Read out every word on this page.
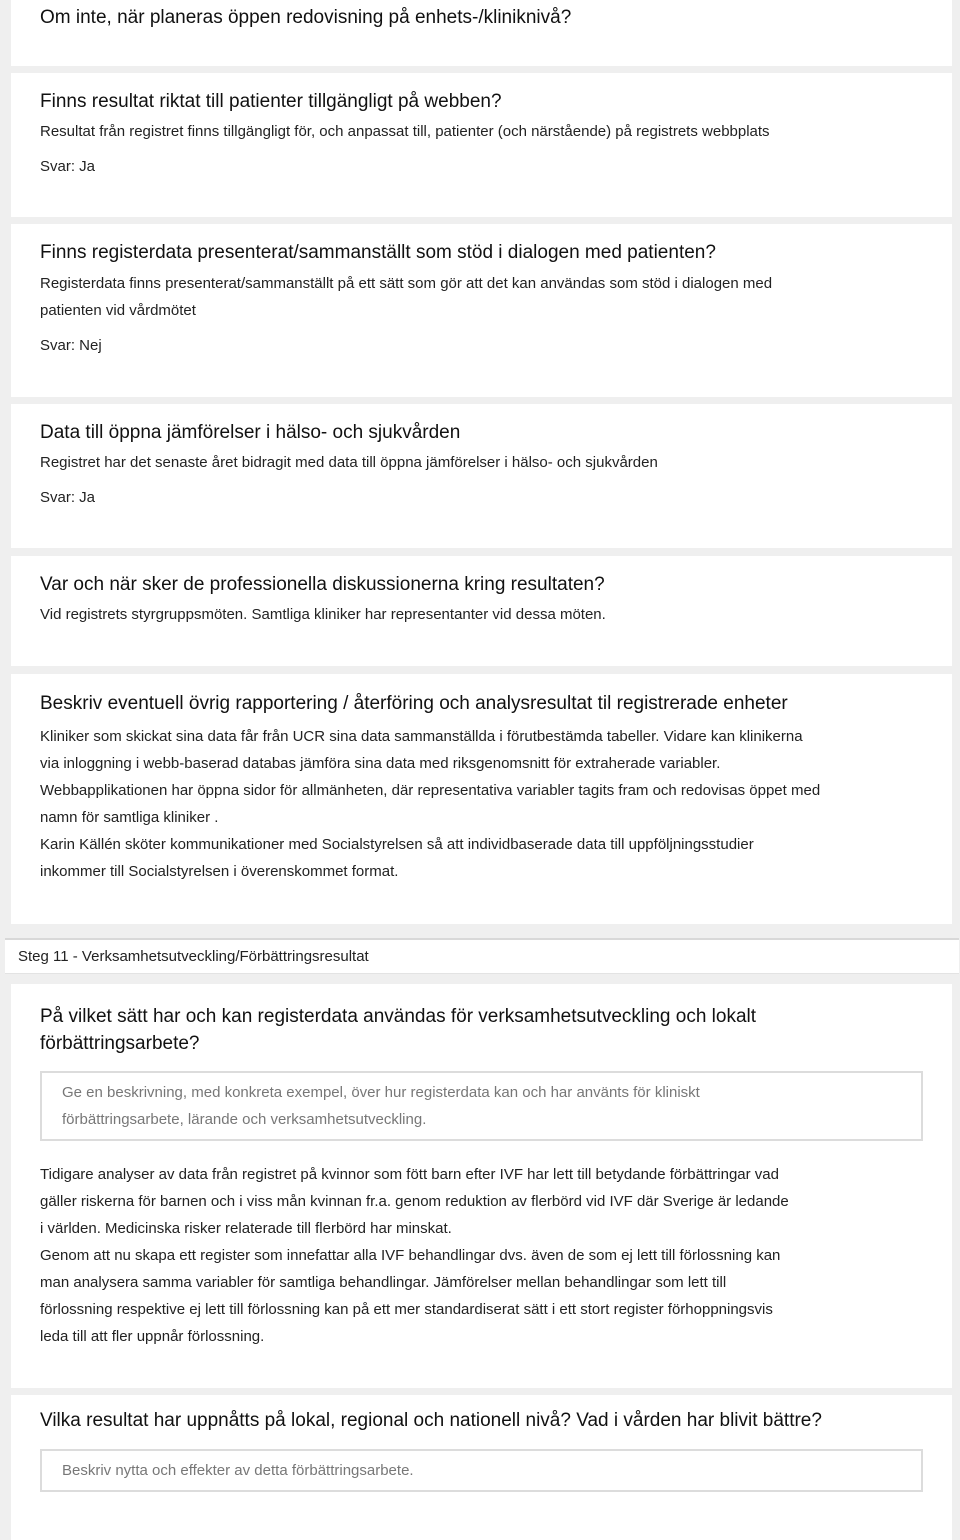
Om inte, när planeras öppen redovisning på enhets-/kliniknivå?

Finns resultat riktat till patienter tillgängligt på webben?

Resultat från registret finns tillgängligt för, och anpassat till, patienter (och närstående) på registrets webbplats

Svar: Ja

Finns registerdata presenterat/sammanställt som stöd i dialogen med patienten?

Registerdata finns presenterat/sammanställt på ett sätt som gör att det kan användas som stöd i dialogen med

patienten vid vårdmötet

Svar: Nej

Data till öppna jämförelser i hälso- och sjukvården

Registret har det senaste året bidragit med data till öppna jämförelser i hälso- och sjukvården

Svar: Ja

Var och när sker de professionella diskussionerna kring resultaten?

Vid registrets styrgruppsmöten. Samtliga kliniker har representanter vid dessa möten.

Beskriv eventuell övrig rapportering / återföring och analysresultat til registrerade enheter

Kliniker som skickat sina data får från UCR sina data sammanställda i förutbestämda tabeller. Vidare kan klinikerna

via inloggning i webb-baserad databas jämföra sina data med riksgenomsnitt för extraherade variabler.

Webbapplikationen har öppna sidor för allmänheten, där representativa variabler tagits fram och redovisas öppet med

namn för samtliga kliniker .

Karin Källén sköter kommunikationer med Socialstyrelsen så att individbaserade data till uppföljningsstudier

inkommer till Socialstyrelsen i överenskommet format.

Steg 11 - Verksamhetsutveckling/Förbättringsresultat

På vilket sätt har och kan registerdata användas för verksamhetsutveckling och lokalt

förbättringsarbete?

Ge en beskrivning, med konkreta exempel, över hur registerdata kan och har använts för kliniskt
förbättringsarbete, lärande och verksamhetsutveckling.

Tidigare analyser av data från registret på kvinnor som fött barn efter IVF har lett till betydande förbättringar vad

gäller riskerna för barnen och i viss mån kvinnan fr.a. genom reduktion av flerbörd vid IVF där Sverige är ledande

i världen. Medicinska risker relaterade till flerbörd har minskat.

Genom att nu skapa ett register som innefattar alla IVF behandlingar dvs. även de som ej lett till förlossning kan

man analysera samma variabler för samtliga behandlingar. Jämförelser mellan behandlingar som lett till

förlossning respektive ej lett till förlossning kan på ett mer standardiserat sätt i ett stort register förhoppningsvis

leda till att fler uppnår förlossning.

Vilka resultat har uppnåtts på lokal, regional och nationell nivå? Vad i vården har blivit bättre?

Beskriv nytta och effekter av detta förbättringsarbete.
